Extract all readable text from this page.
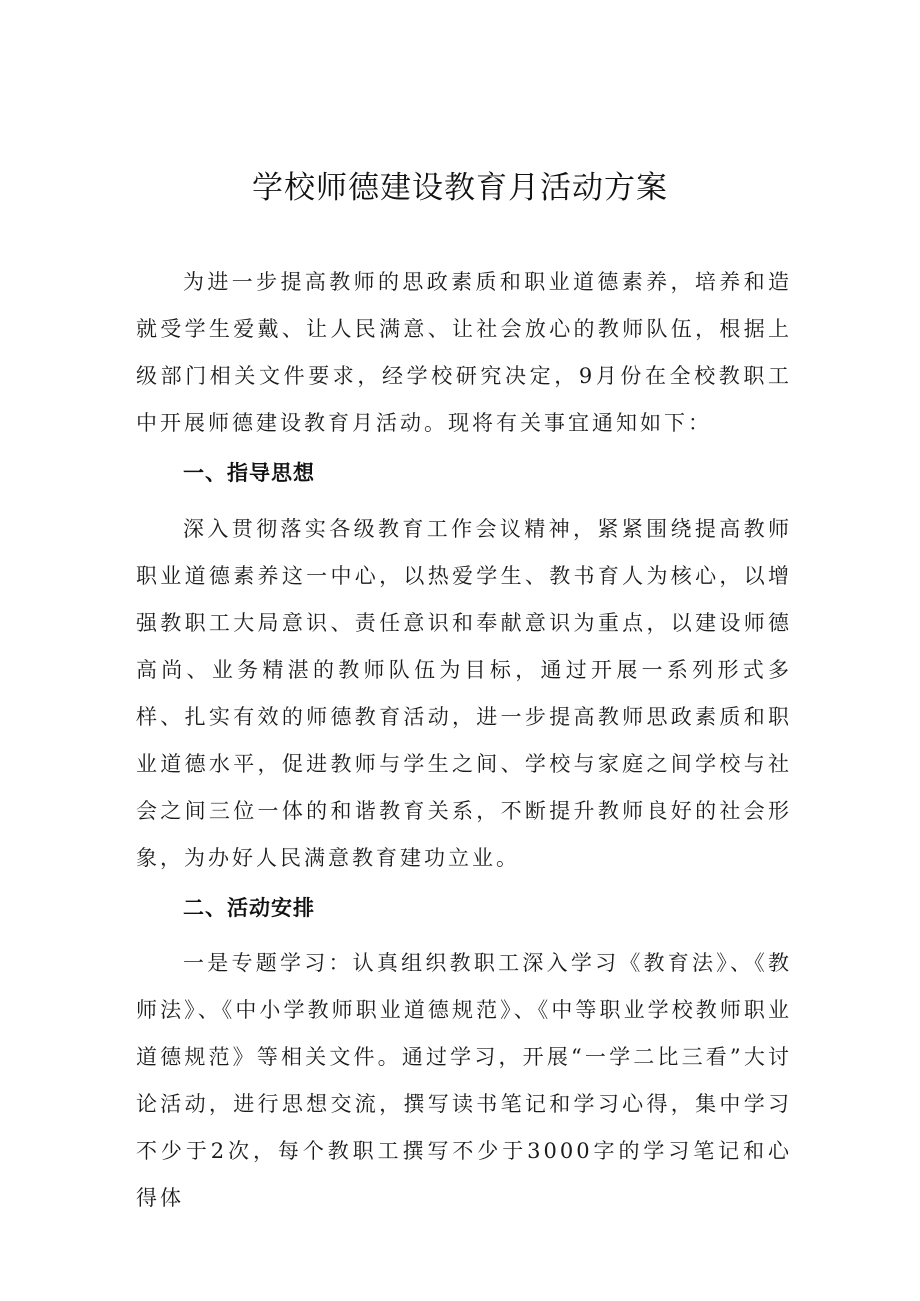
学校师德建设教育月活动方案

为进一步提高教师的思政素质和职业道德素养，培养和造就受学生爱戴、让人民满意、让社会放心的教师队伍，根据上级部门相关文件要求，经学校研究决定，9月份在全校教职工中开展师德建设教育月活动。现将有关事宜通知如下：

一、指导思想

深入贯彻落实各级教育工作会议精神，紧紧围绕提高教师职业道德素养这一中心，以热爱学生、教书育人为核心，以增强教职工大局意识、责任意识和奉献意识为重点，以建设师德高尚、业务精湛的教师队伍为目标，通过开展一系列形式多样、扎实有效的师德教育活动，进一步提高教师思政素质和职业道德水平，促进教师与学生之间、学校与家庭之间学校与社会之间三位一体的和谐教育关系，不断提升教师良好的社会形象，为办好人民满意教育建功立业。

二、活动安排

一是专题学习：认真组织教职工深入学习《教育法》、《教师法》、《中小学教师职业道德规范》、《中等职业学校教师职业道德规范》等相关文件。通过学习，开展“一学二比三看”大讨论活动，进行思想交流，撰写读书笔记和学习心得，集中学习不少于2次，每个教职工撰写不少于3000字的学习笔记和心得体
